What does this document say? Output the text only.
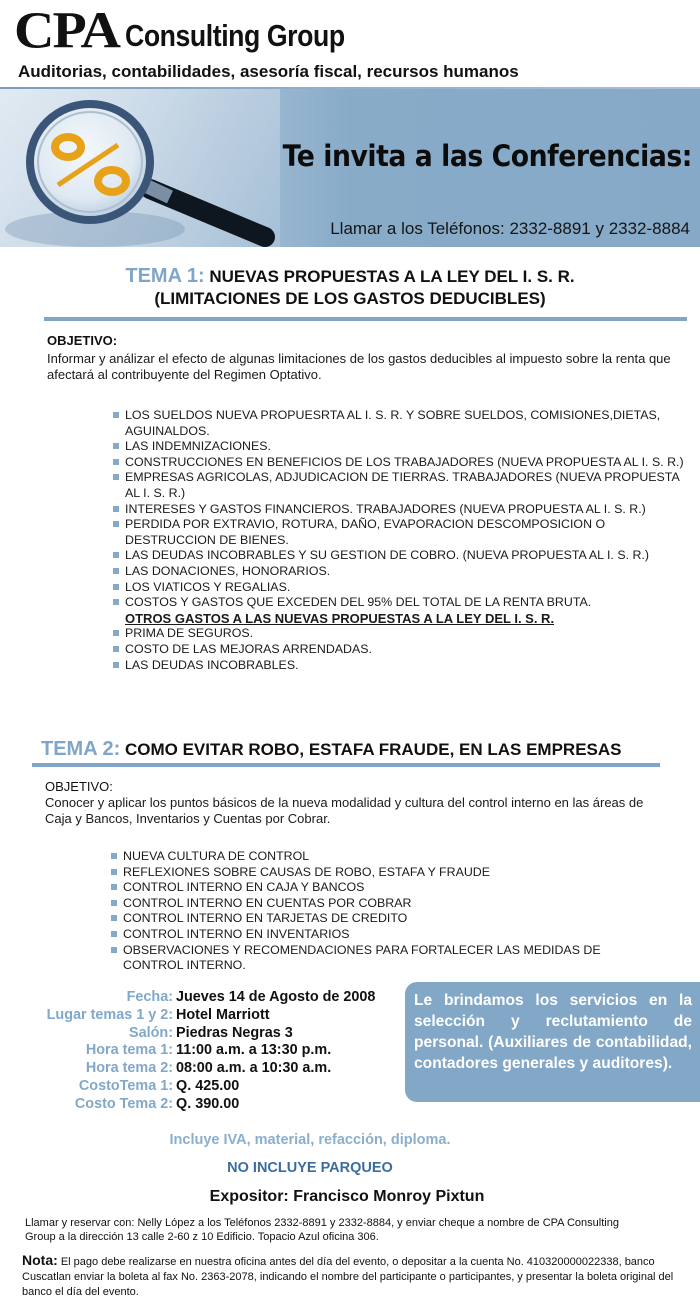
CPA Consulting Group
Auditorias, contabilidades, asesoría fiscal, recursos humanos
Te invita a las Conferencias:
Llamar a los Teléfonos: 2332-8891 y 2332-8884
TEMA 1: NUEVAS PROPUESTAS A LA LEY DEL I. S. R.
(LIMITACIONES DE LOS GASTOS DEDUCIBLES)
OBJETIVO:
Informar y análizar el efecto de algunas limitaciones de los gastos deducibles al impuesto sobre la renta que afectará al contribuyente del Regimen Optativo.
LOS SUELDOS NUEVA PROPUESRTA AL I. S. R. Y SOBRE SUELDOS, COMISIONES,DIETAS, AGUINALDOS.
LAS INDEMNIZACIONES.
CONSTRUCCIONES EN BENEFICIOS DE LOS TRABAJADORES (NUEVA PROPUESTA AL I. S. R.)
EMPRESAS AGRICOLAS, ADJUDICACION DE TIERRAS. TRABAJADORES (NUEVA PROPUESTA AL I. S. R.)
INTERESES Y GASTOS FINANCIEROS. TRABAJADORES (NUEVA PROPUESTA AL I. S. R.)
PERDIDA POR EXTRAVIO, ROTURA, DAÑO, EVAPORACION DESCOMPOSICION O DESTRUCCION DE BIENES.
LAS DEUDAS INCOBRABLES Y SU GESTION DE COBRO. (NUEVA PROPUESTA AL I. S. R.)
LAS DONACIONES, HONORARIOS.
LOS VIATICOS Y REGALIAS.
COSTOS Y GASTOS QUE EXCEDEN DEL 95% DEL TOTAL DE LA RENTA BRUTA.
OTROS GASTOS A LAS NUEVAS PROPUESTAS A LA LEY DEL I. S. R.
PRIMA DE SEGUROS.
COSTO DE LAS MEJORAS ARRENDADAS.
LAS DEUDAS INCOBRABLES.
TEMA 2: COMO EVITAR ROBO, ESTAFA FRAUDE, EN LAS EMPRESAS
OBJETIVO:
Conocer y aplicar los puntos básicos de la nueva modalidad y cultura del control interno en las áreas de Caja y Bancos, Inventarios y Cuentas por Cobrar.
NUEVA CULTURA DE CONTROL
REFLEXIONES SOBRE CAUSAS DE ROBO, ESTAFA Y FRAUDE
CONTROL INTERNO EN CAJA Y BANCOS
CONTROL INTERNO EN CUENTAS POR COBRAR
CONTROL INTERNO EN TARJETAS DE CREDITO
CONTROL INTERNO EN INVENTARIOS
OBSERVACIONES Y RECOMENDACIONES PARA FORTALECER LAS MEDIDAS DE CONTROL INTERNO.
Fecha: Jueves 14 de Agosto de 2008
Lugar temas 1 y 2: Hotel Marriott
Salón: Piedras Negras 3
Hora tema 1: 11:00 a.m. a 13:30 p.m.
Hora tema 2: 08:00 a.m. a 10:30 a.m.
CostoTema 1: Q. 425.00
Costo Tema 2: Q. 390.00
Le brindamos los servicios en la selección y reclutamiento de personal. (Auxiliares de contabilidad, contadores generales y auditores).
Incluye IVA, material, refacción, diploma.
NO INCLUYE PARQUEO
Expositor: Francisco Monroy Pixtun
Llamar y reservar con: Nelly López a los Teléfonos 2332-8891 y 2332-8884, y enviar cheque a nombre de CPA Consulting Group a la dirección 13 calle 2-60 z 10 Edificio. Topacio Azul oficina 306.
Nota: El pago debe realizarse en nuestra oficina antes del día del evento, o depositar a la cuenta No. 410320000022338, banco Cuscatlan enviar la boleta al fax No. 2363-2078, indicando el nombre del participante o participantes, y presentar la boleta original del banco el día del evento.
